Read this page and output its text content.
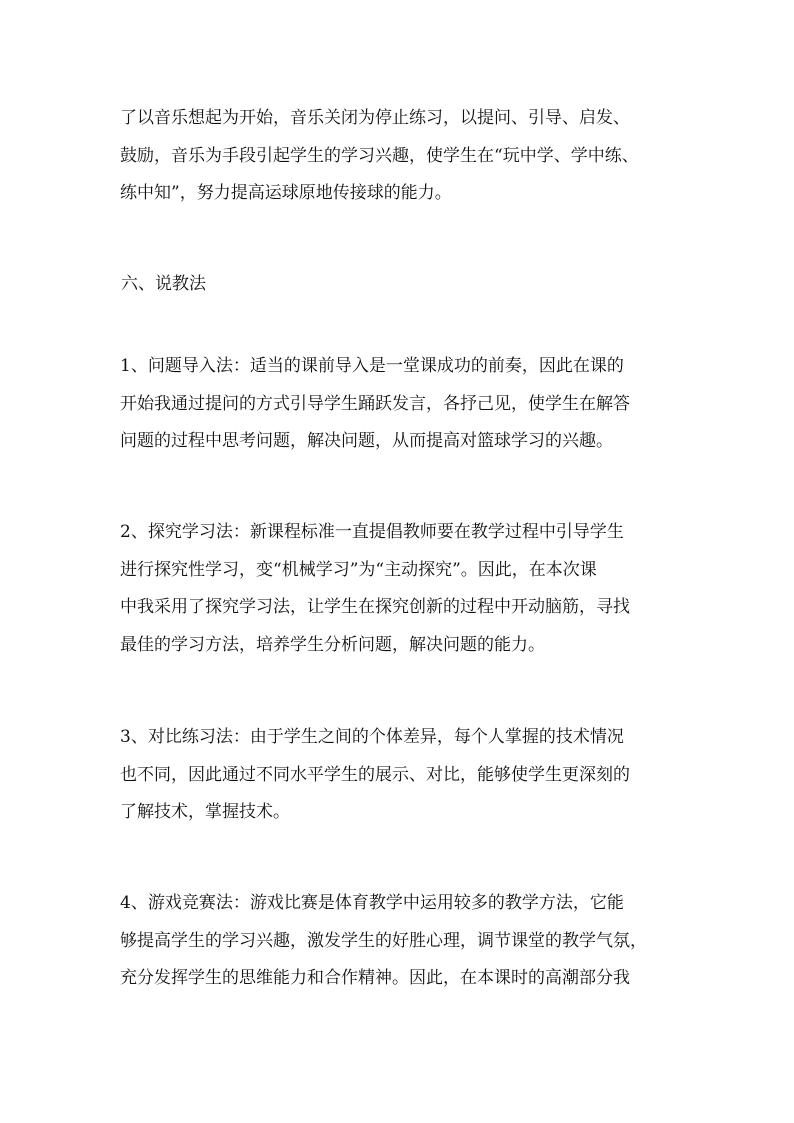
了以音乐想起为开始，音乐关闭为停止练习，以提问、引导、启发、
鼓励，音乐为手段引起学生的学习兴趣，使学生在“玩中学、学中练、
练中知”，努力提高运球原地传接球的能力。
六、说教法
1、问题导入法：适当的课前导入是一堂课成功的前奏，因此在课的
开始我通过提问的方式引导学生踊跃发言，各抒己见，使学生在解答
问题的过程中思考问题，解决问题，从而提高对篮球学习的兴趣。
2、探究学习法：新课程标准一直提倡教师要在教学过程中引导学生
进行探究性学习，变“机械学习”为“主动探究”。因此，在本次课
中我采用了探究学习法，让学生在探究创新的过程中开动脑筋，寻找
最佳的学习方法，培养学生分析问题，解决问题的能力。
3、对比练习法：由于学生之间的个体差异，每个人掌握的技术情况
也不同，因此通过不同水平学生的展示、对比，能够使学生更深刻的
了解技术，掌握技术。
4、游戏竞赛法：游戏比赛是体育教学中运用较多的教学方法，它能
够提高学生的学习兴趣，激发学生的好胜心理，调节课堂的教学气氛，
充分发挥学生的思维能力和合作精神。因此，在本课时的高潮部分我
